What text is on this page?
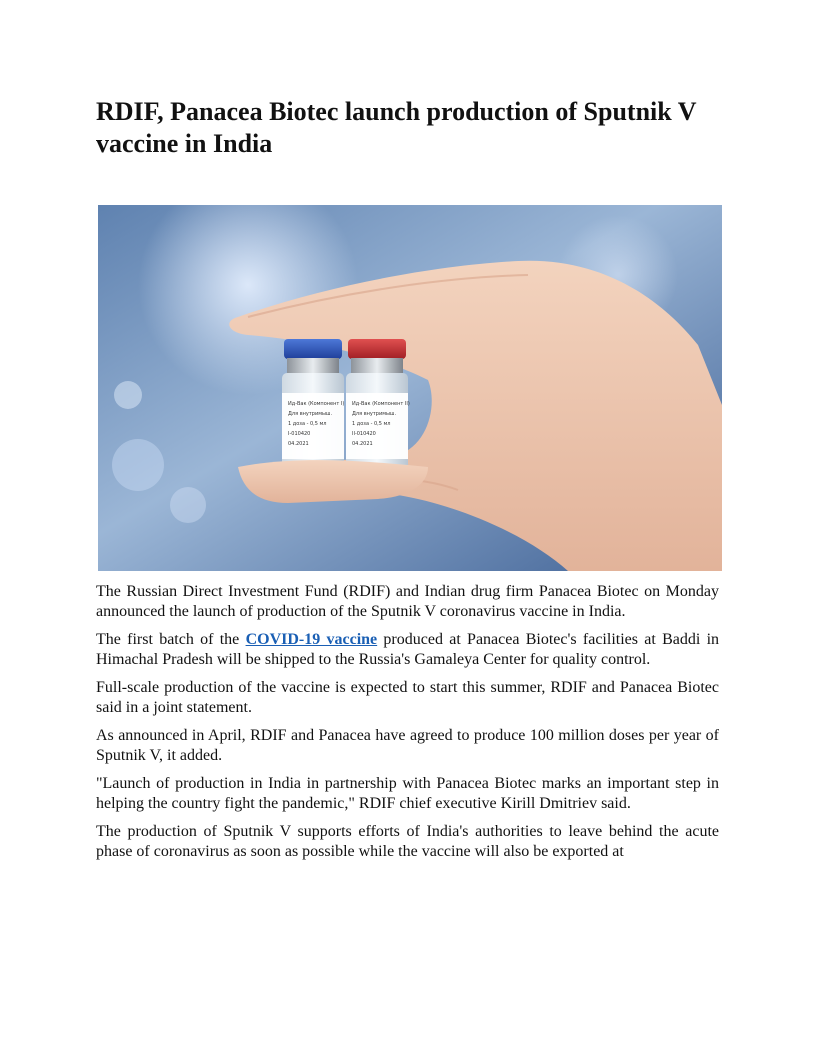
RDIF, Panacea Biotec launch production of Sputnik V vaccine in India
Ид-Вак (Компонент I)
Для внутримыш.
1 доза - 0,5 мл
I-010420
04.2021
Ид-Вак (Компонент II)
Для внутримыш.
1 доза - 0,5 мл
II-010420
04.2021

The Russian Direct Investment Fund (RDIF) and Indian drug firm Panacea Biotec on Monday announced the launch of production of the Sputnik V coronavirus vaccine in India.

The first batch of the COVID-19 vaccine produced at Panacea Biotec's facilities at Baddi in Himachal Pradesh will be shipped to the Russia's Gamaleya Center for quality control.

Full-scale production of the vaccine is expected to start this summer, RDIF and Panacea Biotec said in a joint statement.

As announced in April, RDIF and Panacea have agreed to produce 100 million doses per year of Sputnik V, it added.

"Launch of production in India in partnership with Panacea Biotec marks an important step in helping the country fight the pandemic," RDIF chief executive Kirill Dmitriev said.

The production of Sputnik V supports efforts of India's authorities to leave behind the acute phase of coronavirus as soon as possible while the vaccine will also be exported at
